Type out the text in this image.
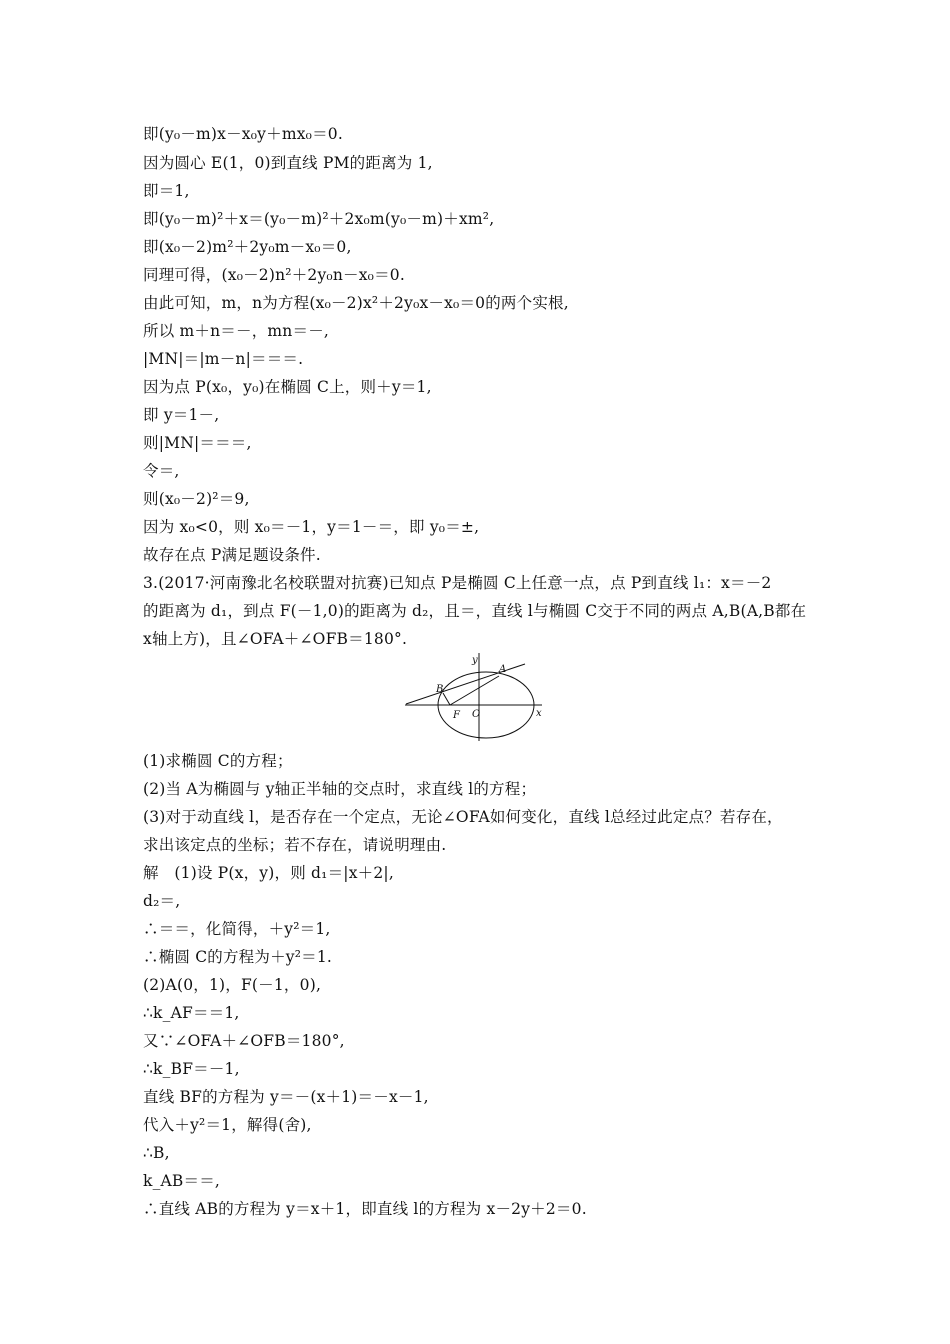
即(y₀－m)x－x₀y＋mx₀＝0.
因为圆心 E(1，0)到直线 PM的距离为 1,
即＝1,
即(y₀－m)²＋x＝(y₀－m)²＋2x₀m(y₀－m)＋xm²,
即(x₀－2)m²＋2y₀m－x₀＝0,
同理可得，(x₀－2)n²＋2y₀n－x₀＝0.
由此可知，m，n为方程(x₀－2)x²＋2y₀x－x₀＝0的两个实根,
所以 m＋n＝－，mn＝－,
|MN|＝|m－n|＝＝＝.
因为点 P(x₀，y₀)在椭圆 C上，则＋y＝1,
即 y＝1－,
则|MN|＝＝＝,
令＝,
则(x₀－2)²＝9,
因为 x₀<0，则 x₀＝－1，y＝1－＝，即 y₀＝±,
故存在点 P满足题设条件.
3.(2017·河南豫北名校联盟对抗赛)已知点 P是椭圆 C上任意一点，点 P到直线 l₁：x＝－2
的距离为 d₁，到点 F(－1,0)的距离为 d₂，且＝，直线 l与椭圆 C交于不同的两点 A,B(A,B都在
x轴上方)，且∠OFA＋∠OFB＝180°.
y
A
B
F O	x
(1)求椭圆 C的方程；
(2)当 A为椭圆与 y轴正半轴的交点时，求直线 l的方程；
(3)对于动直线 l，是否存在一个定点，无论∠OFA如何变化，直线 l总经过此定点？若存在，
求出该定点的坐标；若不存在，请说明理由.
解　(1)设 P(x，y)，则 d₁＝|x＋2|,
d₂＝,
∴＝＝，化简得，＋y²＝1,
∴椭圆 C的方程为＋y²＝1.
(2)A(0，1)，F(－1，0),
∴k_AF＝＝1,
又∵∠OFA＋∠OFB＝180°,
∴k_BF＝－1,
直线 BF的方程为 y＝－(x＋1)＝－x－1,
代入＋y²＝1，解得(舍),
∴B,
k_AB＝＝,
∴直线 AB的方程为 y＝x＋1，即直线 l的方程为 x－2y＋2＝0.
